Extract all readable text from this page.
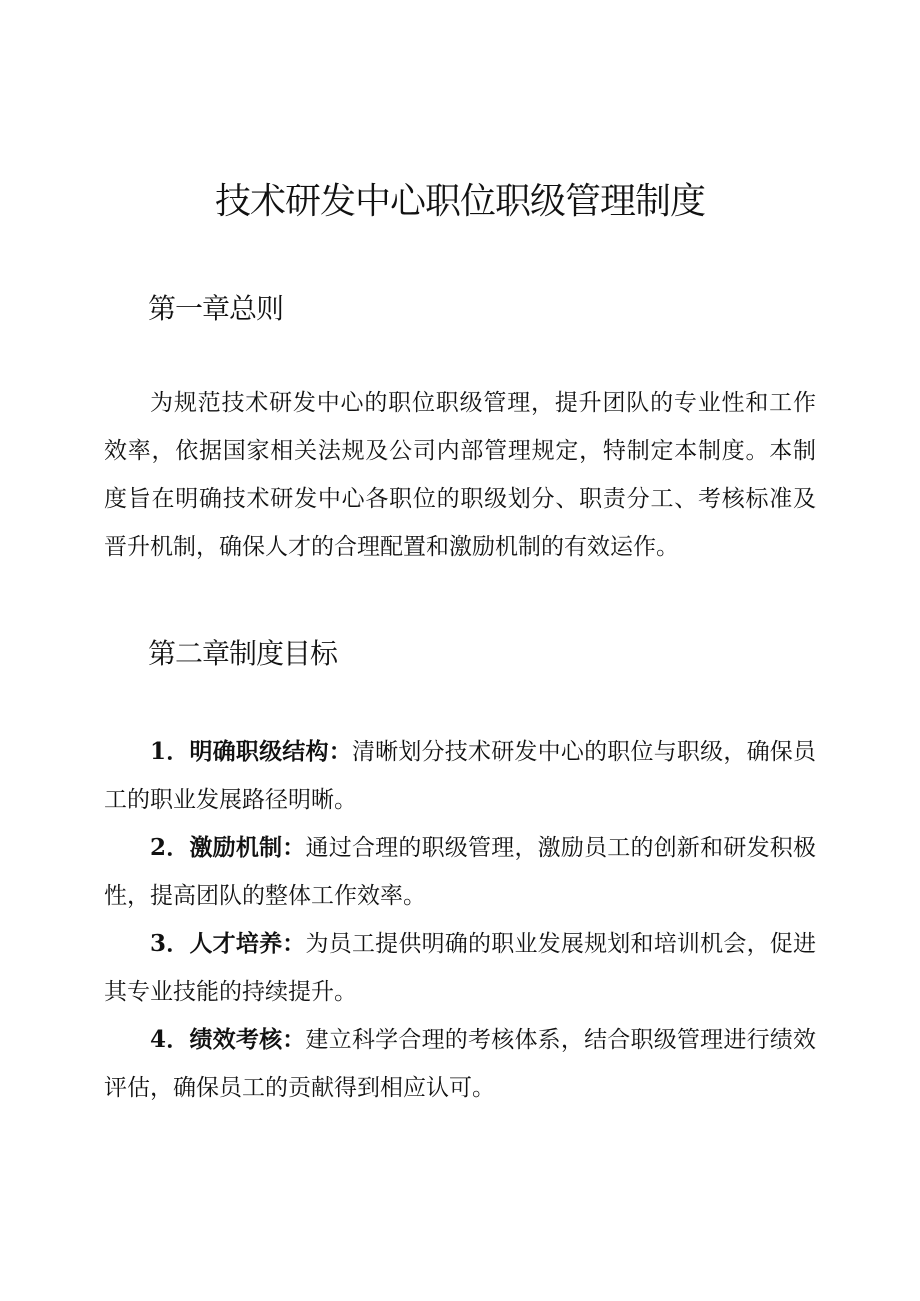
技术研发中心职位职级管理制度
第一章总则

为规范技术研发中心的职位职级管理，提升团队的专业性和工作效率，依据国家相关法规及公司内部管理规定，特制定本制度。本制度旨在明确技术研发中心各职位的职级划分、职责分工、考核标准及晋升机制，确保人才的合理配置和激励机制的有效运作。

第二章制度目标
1．明确职级结构：清晰划分技术研发中心的职位与职级，确保员工的职业发展路径明晰。
2．激励机制：通过合理的职级管理，激励员工的创新和研发积极性，提高团队的整体工作效率。
3．人才培养：为员工提供明确的职业发展规划和培训机会，促进其专业技能的持续提升。
4．绩效考核：建立科学合理的考核体系，结合职级管理进行绩效评估，确保员工的贡献得到相应认可。
